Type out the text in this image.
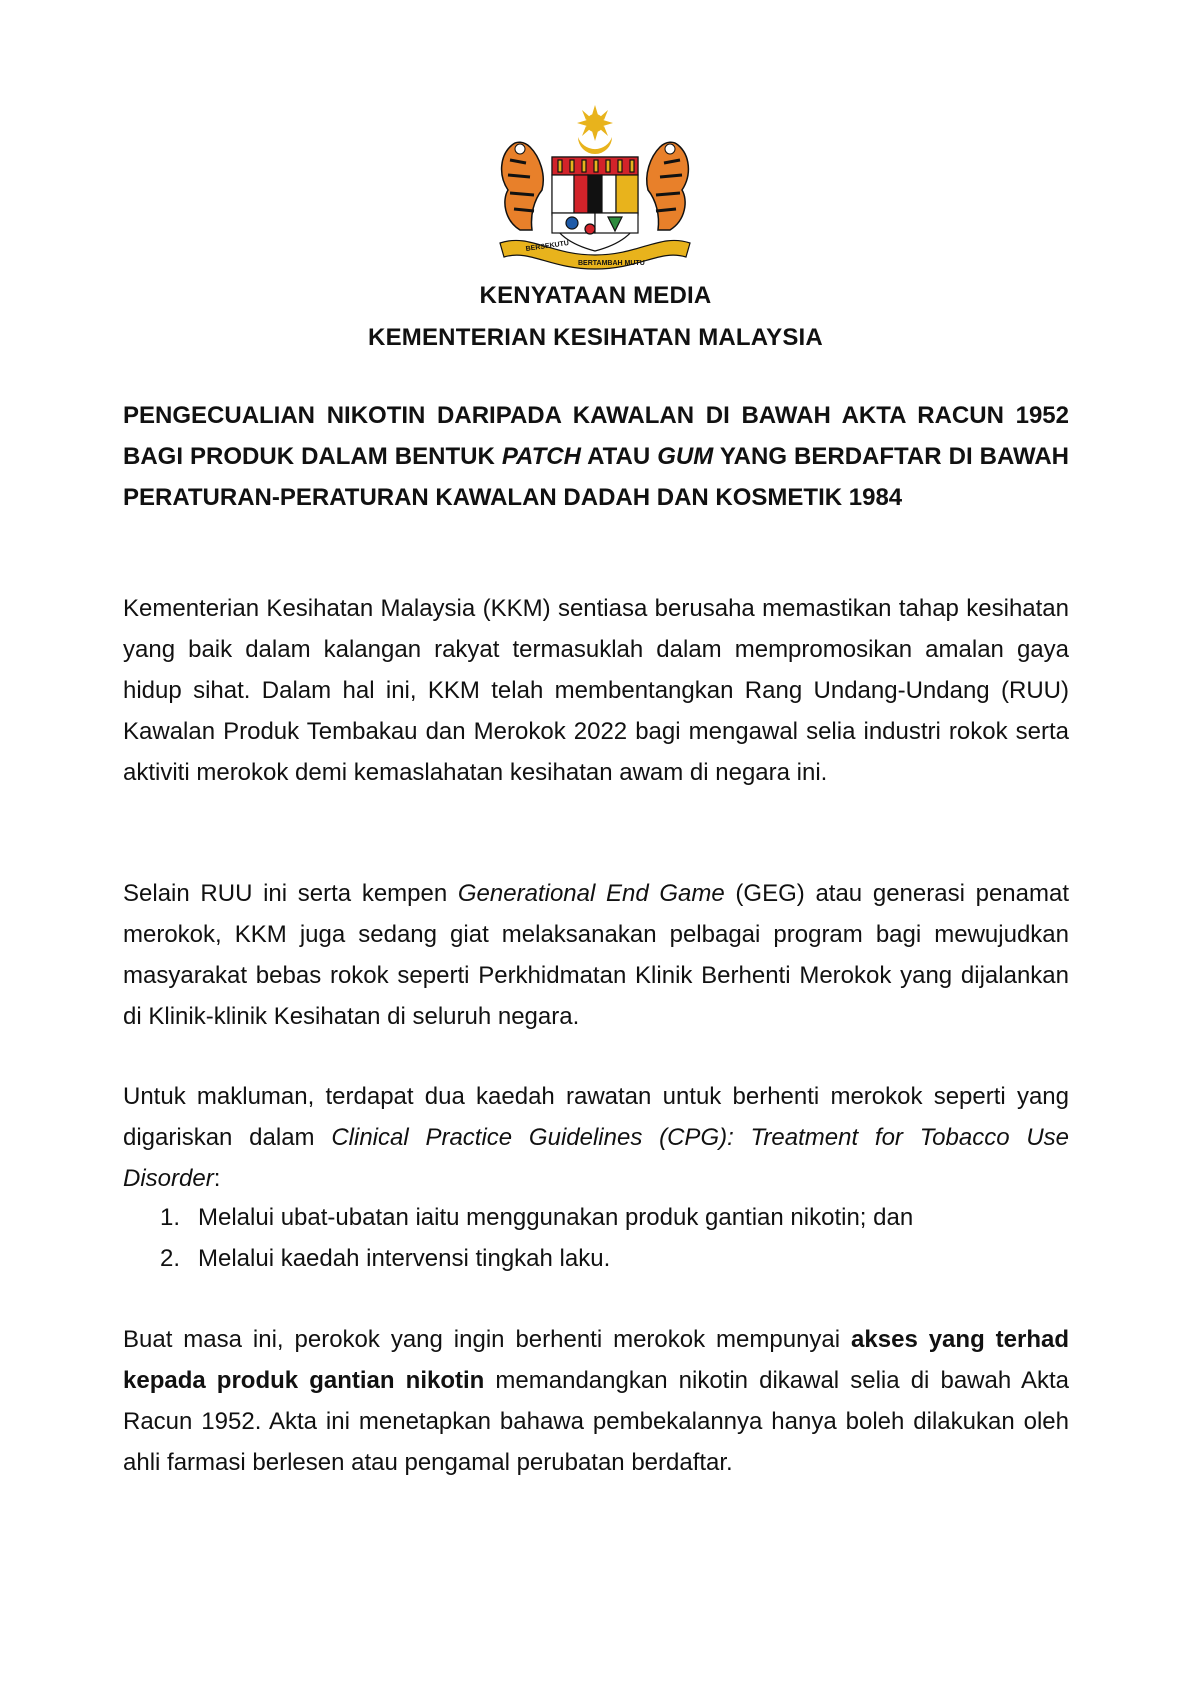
BERSEKUTU
BERTAMBAH MUTU
KENYATAAN MEDIA
KEMENTERIAN KESIHATAN MALAYSIA
PENGECUALIAN NIKOTIN DARIPADA KAWALAN DI BAWAH AKTA RACUN 1952 BAGI PRODUK DALAM BENTUK PATCH ATAU GUM YANG BERDAFTAR DI BAWAH PERATURAN-PERATURAN KAWALAN DADAH DAN KOSMETIK 1984
Kementerian Kesihatan Malaysia (KKM) sentiasa berusaha memastikan tahap kesihatan yang baik dalam kalangan rakyat termasuklah dalam mempromosikan amalan gaya hidup sihat. Dalam hal ini, KKM telah membentangkan Rang Undang-Undang (RUU) Kawalan Produk Tembakau dan Merokok 2022 bagi mengawal selia industri rokok serta aktiviti merokok demi kemaslahatan kesihatan awam di negara ini.
Selain RUU ini serta kempen Generational End Game (GEG) atau generasi penamat merokok, KKM juga sedang giat melaksanakan pelbagai program bagi mewujudkan masyarakat bebas rokok seperti Perkhidmatan Klinik Berhenti Merokok yang dijalankan di Klinik-klinik Kesihatan di seluruh negara.
Untuk makluman, terdapat dua kaedah rawatan untuk berhenti merokok seperti yang digariskan dalam Clinical Practice Guidelines (CPG): Treatment for Tobacco Use Disorder:
1. Melalui ubat-ubatan iaitu menggunakan produk gantian nikotin; dan
2. Melalui kaedah intervensi tingkah laku.
Buat masa ini, perokok yang ingin berhenti merokok mempunyai akses yang terhad kepada produk gantian nikotin memandangkan nikotin dikawal selia di bawah Akta Racun 1952. Akta ini menetapkan bahawa pembekalannya hanya boleh dilakukan oleh ahli farmasi berlesen atau pengamal perubatan berdaftar.
